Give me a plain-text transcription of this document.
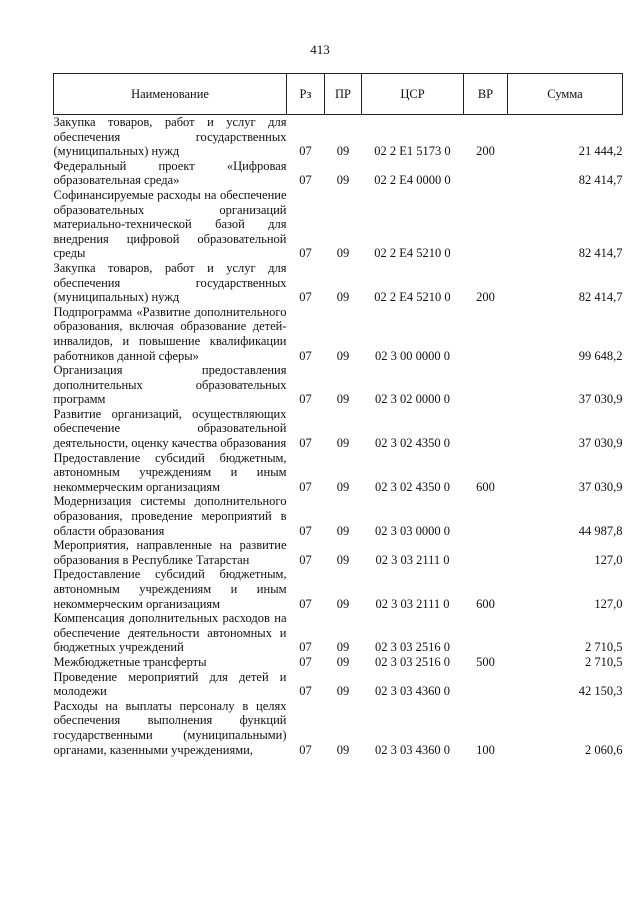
413
Наименование	Рз	ПР	ЦСР	ВР	Сумма
Закупка товаров, работ и услуг для обеспечения государственных (муниципальных) нужд	07	09	02 2 Е1 5173 0	200	21 444,2
Федеральный проект «Цифровая образовательная среда»	07	09	02 2 Е4 0000 0		82 414,7
Софинансируемые расходы на обеспечение образовательных организаций материально-технической базой для внедрения цифровой образовательной среды	07	09	02 2 Е4 5210 0		82 414,7
Закупка товаров, работ и услуг для обеспечения государственных (муниципальных) нужд	07	09	02 2 Е4 5210 0	200	82 414,7
Подпрограмма «Развитие дополнительного образования, включая образование детей-инвалидов, и повышение квалификации работников данной сферы»	07	09	02 3 00 0000 0		99 648,2
Организация предоставления дополнительных образовательных программ	07	09	02 3 02 0000 0		37 030,9
Развитие организаций, осуществляющих обеспечение образовательной деятельности, оценку качества образования	07	09	02 3 02 4350 0		37 030,9
Предоставление субсидий бюджетным, автономным учреждениям и иным некоммерческим организациям	07	09	02 3 02 4350 0	600	37 030,9
Модернизация системы дополнительного образования, проведение мероприятий в области образования	07	09	02 3 03 0000 0		44 987,8
Мероприятия, направленные на развитие образования в Республике Татарстан	07	09	02 3 03 2111 0		127,0
Предоставление субсидий бюджетным, автономным учреждениям и иным некоммерческим организациям	07	09	02 3 03 2111 0	600	127,0
Компенсация дополнительных расходов на обеспечение деятельности автономных и бюджетных учреждений	07	09	02 3 03 2516 0		2 710,5
Межбюджетные трансферты	07	09	02 3 03 2516 0	500	2 710,5
Проведение мероприятий для детей и молодежи	07	09	02 3 03 4360 0		42 150,3
Расходы на выплаты персоналу в целях обеспечения выполнения функций государственными (муниципальными) органами, казенными учреждениями,	07	09	02 3 03 4360 0	100	2 060,6
